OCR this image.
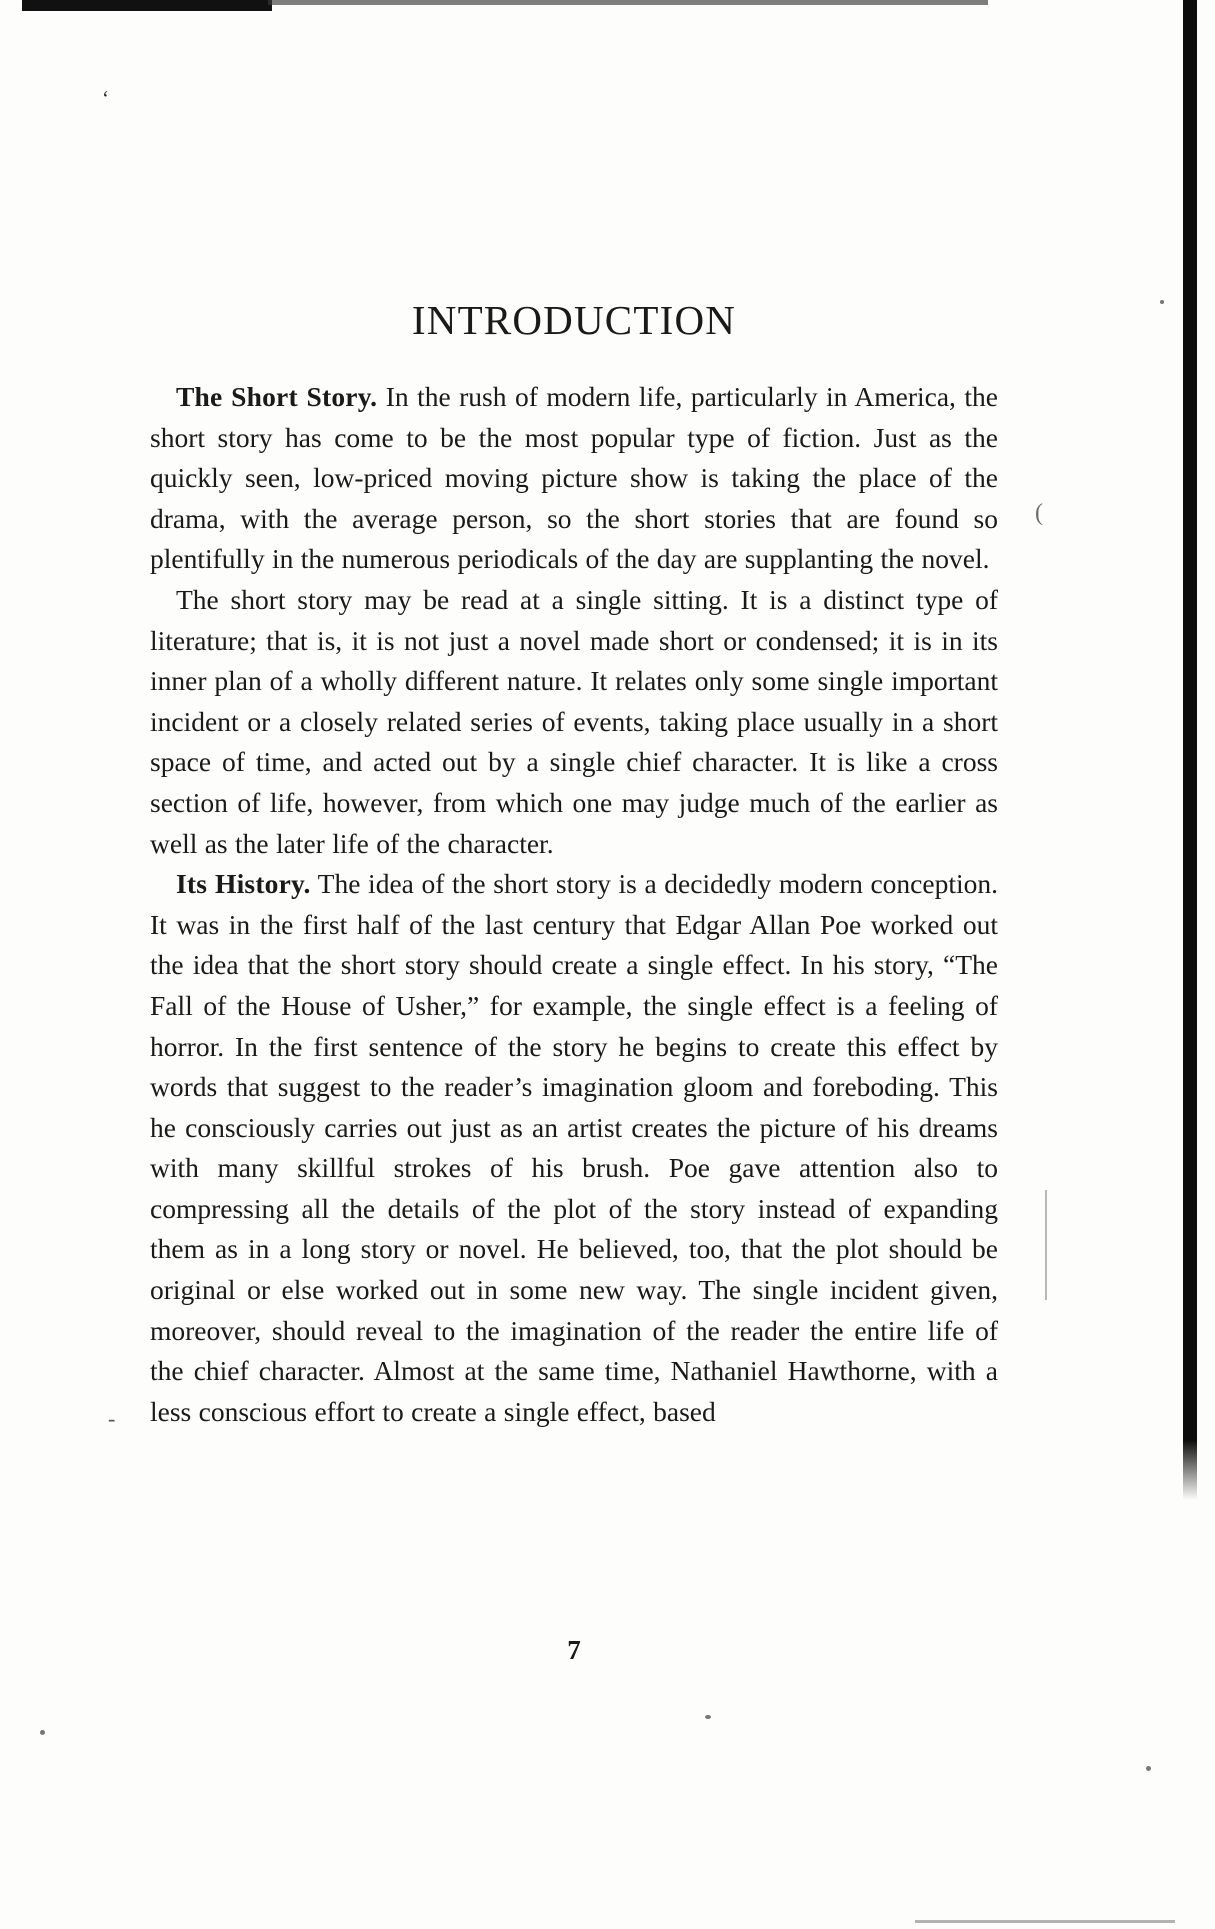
‘
INTRODUCTION

The Short Story. In the rush of modern life, particularly in America, the short story has come to be the most popular type of fiction. Just as the quickly seen, low-priced moving picture show is taking the place of the drama, with the average person, so the short stories that are found so plentifully in the numerous periodicals of the day are supplanting the novel.

The short story may be read at a single sitting. It is a distinct type of literature; that is, it is not just a novel made short or condensed; it is in its inner plan of a wholly different nature. It relates only some single important incident or a closely related series of events, taking place usually in a short space of time, and acted out by a single chief character. It is like a cross section of life, however, from which one may judge much of the earlier as well as the later life of the character.

Its History. The idea of the short story is a decidedly modern conception. It was in the first half of the last century that Edgar Allan Poe worked out the idea that the short story should create a single effect. In his story, “The Fall of the House of Usher,” for example, the single effect is a feeling of horror. In the first sentence of the story he begins to create this effect by words that suggest to the reader’s imagination gloom and foreboding. This he consciously carries out just as an artist creates the picture of his dreams with many skillful strokes of his brush. Poe gave attention also to compressing all the details of the plot of the story instead of expanding them as in a long story or novel. He believed, too, that the plot should be original or else worked out in some new way. The single incident given, moreover, should reveal to the imagination of the reader the entire life of the chief character. Almost at the same time, Nathaniel Hawthorne, with a less conscious effort to create a single effect, based

7
-
(
